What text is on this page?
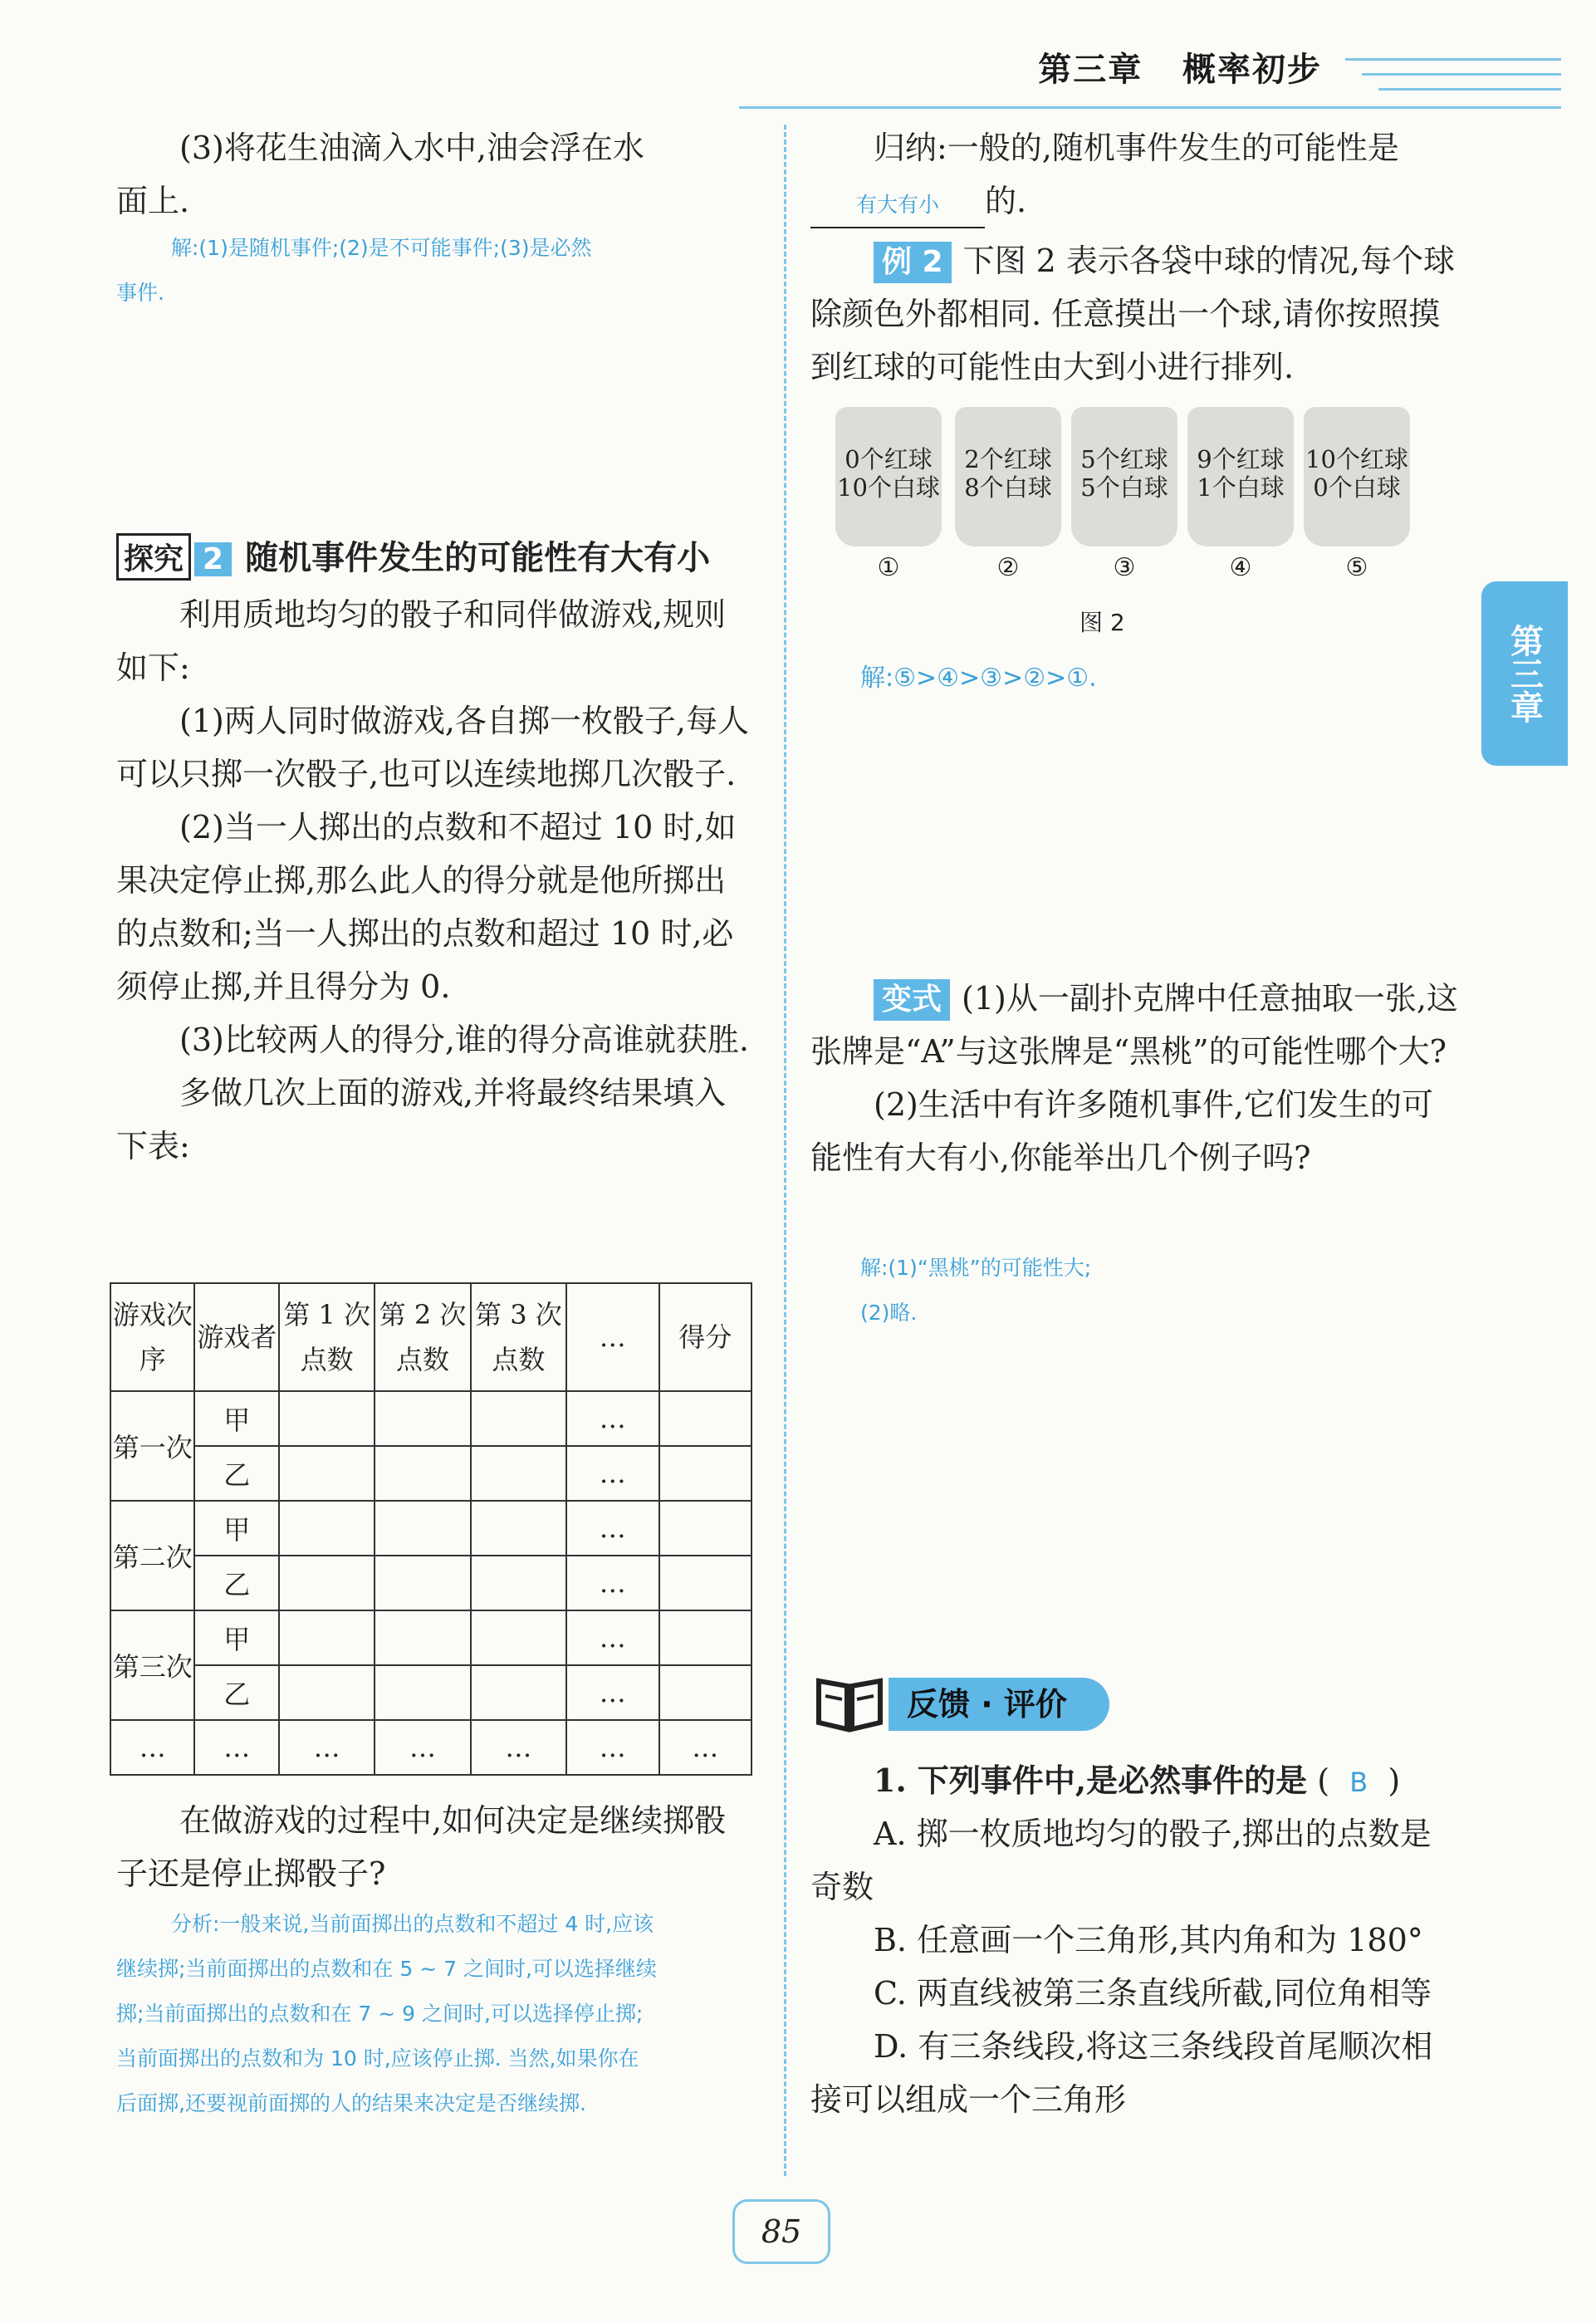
第三章 概率初步
第三章
(3)将花生油滴入水中,油会浮在水
面上.
解:(1)是随机事件;(2)是不可能事件;(3)是必然
事件.
探究 2 随机事件发生的可能性有大有小

利用质地均匀的骰子和同伴做游戏,规则如下:

(1)两人同时做游戏,各自掷一枚骰子,每人可以只掷一次骰子,也可以连续地掷几次骰子.

(2)当一人掷出的点数和不超过 10 时,如果决定停止掷,那么此人的得分就是他所掷出的点数和;当一人掷出的点数和超过 10 时,必须停止掷,并且得分为 0.

(3)比较两人的得分,谁的得分高谁就获胜.

多做几次上面的游戏,并将最终结果填入下表:

游戏次序	游戏者	第 1 次点数	第 2 次点数	第 3 次点数	…	得分
第一次	甲				…	
	乙				…	
第二次	甲				…	
	乙				…	
第三次	甲				…	
	乙				…	
…	…	…	…	…	…	…

在做游戏的过程中,如何决定是继续掷骰子还是停止掷骰子?

分析:一般来说,当前面掷出的点数和不超过 4 时,应该
继续掷;当前面掷出的点数和在 5 ~ 7 之间时,可以选择继续
掷;当前面掷出的点数和在 7 ~ 9 之间时,可以选择停止掷;
当前面掷出的点数和为 10 时,应该停止掷. 当然,如果你在
后面掷,还要视前面掷的人的结果来决定是否继续掷.
归纳:一般的,随机事件发生的可能性是
有大有小 的.
例 2 下图 2 表示各袋中球的情况,每个球除颜色外都相同. 任意摸出一个球,请你按照摸到红球的可能性由大到小进行排列.
0个红球
10个白球
2个红球
8个白球
5个红球
5个白球
9个红球
1个白球
10个红球
0个白球
①	②	③	④	⑤
图 2
解:⑤>④>③>②>①.
变式 (1)从一副扑克牌中任意抽取一张,这张牌是“A”与这张牌是“黑桃”的可能性哪个大?
(2)生活中有许多随机事件,它们发生的可能性有大有小,你能举出几个例子吗?
解:(1)“黑桃”的可能性大;
(2)略.
反馈 · 评价
1. 下列事件中,是必然事件的是 ( B )
A. 掷一枚质地均匀的骰子,掷出的点数是奇数
B. 任意画一个三角形,其内角和为 180°
C. 两直线被第三条直线所截,同位角相等
D. 有三条线段,将这三条线段首尾顺次相接可以组成一个三角形
85
